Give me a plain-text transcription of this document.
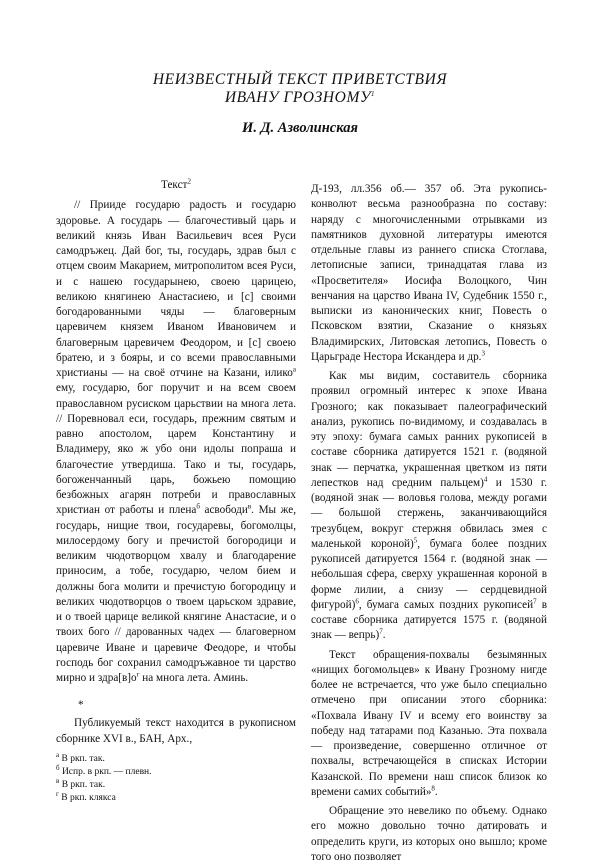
НЕИЗВЕСТНЫЙ ТЕКСТ ПРИВЕТСТВИЯ
ИВАНУ ГРОЗНОМУ$^1$
И. Д. Азволинская

Текст$^2$

// Прииде государю радость и государю здоровье. А государь — благочестивый царь и великий князь Иван Васильевич всея Руси самодръжец. Дай бог, ты, государь, здрав был с отцем своим Макарием, митрополитом всея Руси, и с нашею государынею, своею царицею, великою княгинею Анастасиею, и [с] своими богодарованными чяды — благоверным царевичем князем Иваном Ивановичем и благоверным царевичем Феодором, и [с] своею братею, и з бояры, и со всеми православными христианы — на своё отчине на Казани, илико$^а$ ему, государю, бог поручит и на всем своем православном русиском царьствии на многа лета. // Поревновал еси, государь, прежним святым и равно апостолом, царем Константину и Владимеру, яко ж убо они идолы попраша и благочестие утвердиша. Тако и ты, государь, богоженчанный царь, божьею помощию безбожных агарян потреби и православных христиан от работы и плена$^б$ асвободи$^в$. Мы же, государь, нищие твои, государевы, богомолцы, милосердому богу и пречистой богородици и великим чюдотворцом хвалу и благодарение приносим, а тобе, государю, челом бием и должны богa молити и пречистую богородицу и великих чюдотворцов о твоем царьском здравие, и о твоей царице великой княгине Анастасие, и о твоих бого // дарованных чадех — благоверном царевиче Иване и царевиче Феодоре, и чтобы господь бог сохранил самодръжавное ти царство мирно и $здра[в]о^г$ на многа лета. Аминь.

*

Публикуемый текст находится в рукописном сборнике XVI в., БАН, Арх.,

$^а$ В ркп. так.

$^б$ Испр. в ркп. — плевн.

$^в$ В ркп. так.

$^г$ В ркп. клякса

Д-193, лл.356 об.— 357 об. Эта рукопись-конволют весьма разнообразна по составу: наряду с многочисленными отрывками из памятников духовной литературы имеются отдельные главы из раннего списка Стоглава, летописные записи, тринадцатая глава из «Просветителя» Иосифа Волоцкого, Чин венчания на царство Ивана IV, Судебник 1550 г., выписки из канонических книг, Повесть о Псковском взятии, Сказание о князьях Владимирских, Литовская летопись, Повесть о Царьграде Нестора Искандера и др.$^3$

Как мы видим, составитель сборника проявил огромный интерес к эпохе Ивана Грозного; как показывает палеографический анализ, рукопись по-видимому, и создавалась в эту эпоху: бумага самых ранних рукописей в составе сборника датируется 1521 г. (водяной знак — перчатка, украшенная цветком из пяти лепестков над средним пальцем)$^4$ и 1530 г. (водяной знак — воловья голова, между рогами — большой стержень, заканчивающийся трезубцем, вокруг стержня обвилась змея с маленькой короной)$^5$, бумага более поздних рукописей датируется 1564 г. (водяной знак — небольшая сфера, сверху украшенная короной в форме лилии, а снизу — сердцевидной фигурой)$^6$, бумага самых поздних рукописей$^7$ в составе сборника датируется 1575 г. (водяной знак — вепрь)$^7$.

Текст обращения-похвалы безымянных «нищих богомольцев» к Ивану Грозному нигде более не встречается, что уже было специально отмечено при описании этого сборника: «Похвала Ивану IV и всему его воинству за победу над татарами под Казанью. Эта похвала — произведение, совершенно отличное от похвалы, встречающейся в списках Истории Казанской. По времени наш список близок ко времени самих событий»$^8$.

Обращение это невелико по объему. Однако его можно довольно точно датировать и определить круги, из которых оно вышло; кроме того оно позволяет
